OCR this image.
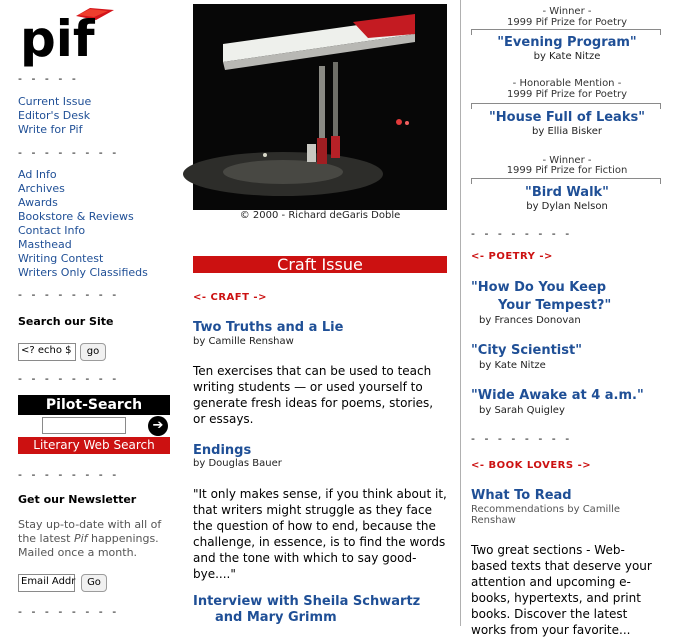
pif
- - - - -
Current Issue
Editor's Desk
Write for Pif
- - - - - - - -
Ad Info
Archives
Awards
Bookstore & Reviews
Contact Info
Masthead
Writing Contest
Writers Only Classifieds
- - - - - - - -
Search our Site
<? echo $	go
- - - - - - - -
Pilot-Search
➔
Literary Web Search
- - - - - - - -
Get our Newsletter
Stay up-to-date with all of the latest Pif happenings. Mailed once a month.
Email Addr	Go
- - - - - - - -
© 2000 - Richard deGaris Doble
Craft Issue
<- CRAFT ->
Two Truths and a Lie
by Camille Renshaw
Ten exercises that can be used to teach writing students — or used yourself to generate fresh ideas for poems, stories, or essays.
Endings
by Douglas Bauer
"It only makes sense, if you think about it, that writers might struggle as they face the question of how to end, because the challenge, in essence, is to find the words and the tone with which to say good-bye...."
Interview with Sheila Schwartz
and Mary Grimm
- Winner -
1999 Pif Prize for Poetry
"Evening Program"
by Kate Nitze
- Honorable Mention -
1999 Pif Prize for Poetry
"House Full of Leaks"
by Ellia Bisker
- Winner -
1999 Pif Prize for Fiction
"Bird Walk"
by Dylan Nelson
- - - - - - - -
<- POETRY ->
"How Do You Keep
Your Tempest?"
by Frances Donovan
"City Scientist"
by Kate Nitze
"Wide Awake at 4 a.m."
by Sarah Quigley
- - - - - - - -
<- BOOK LOVERS ->
What To Read
Recommendations by Camille Renshaw
Two great sections - Web-based texts that deserve your attention and upcoming e-books, hypertexts, and print books. Discover the latest works from your favorite...
